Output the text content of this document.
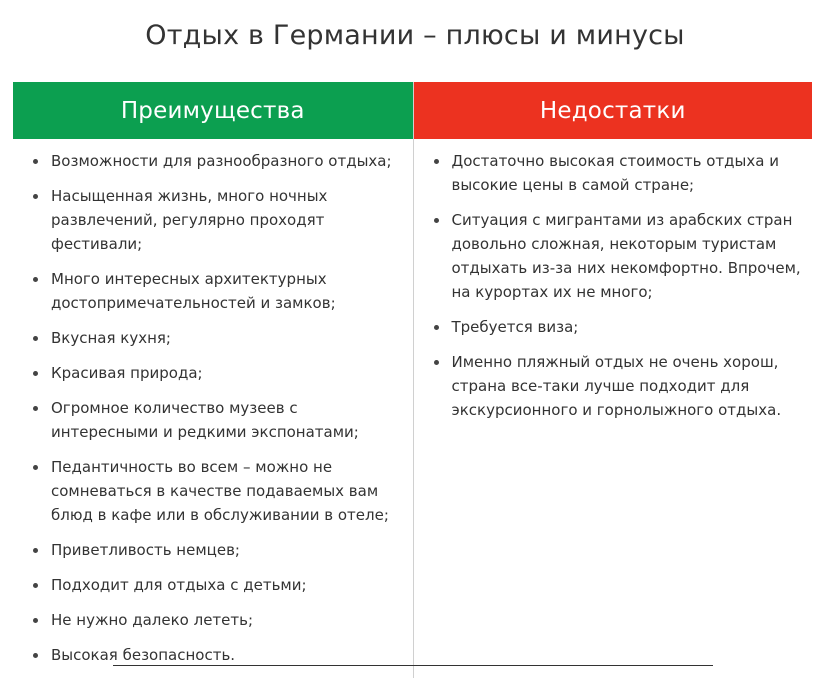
Отдых в Германии – плюсы и минусы
Преимущества
Возможности для разнообразного отдыха;
Насыщенная жизнь, много ночных развлечений, регулярно проходят фестивали;
Много интересных архитектурных достопримечательностей и замков;
Вкусная кухня;
Красивая природа;
Огромное количество музеев с интересными и редкими экспонатами;
Педантичность во всем – можно не сомневаться в качестве подаваемых вам блюд в кафе или в обслуживании в отеле;
Приветливость немцев;
Подходит для отдыха с детьми;
Не нужно далеко лететь;
Высокая безопасность.
Недостатки
Достаточно высокая стоимость отдыха и высокие цены в самой стране;
Ситуация с мигрантами из арабских стран довольно сложная, некоторым туристам отдыхать из-за них некомфортно. Впрочем, на курортах их не много;
Требуется виза;
Именно пляжный отдых не очень хорош, страна все-таки лучше подходит для экскурсионного и горнолыжного отдыха.
